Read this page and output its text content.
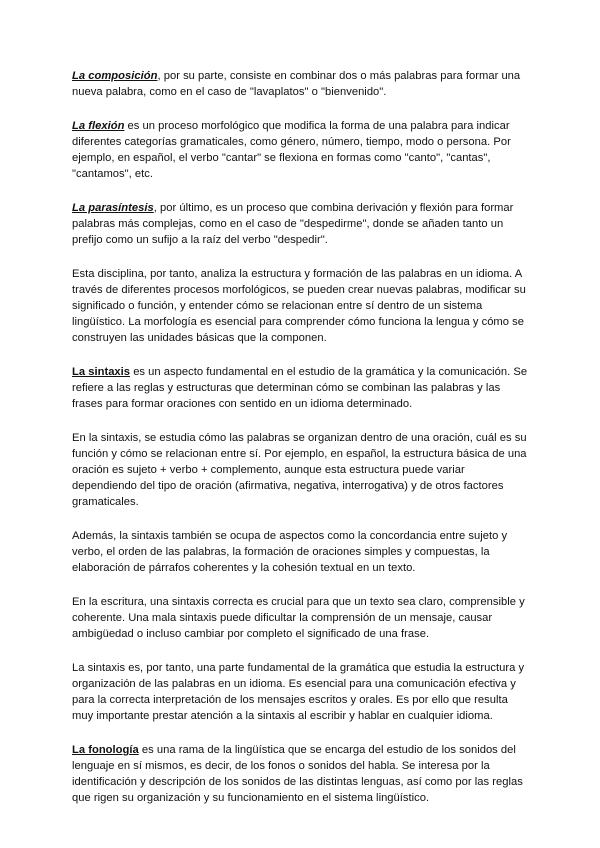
La composición, por su parte, consiste en combinar dos o más palabras para formar una nueva palabra, como en el caso de "lavaplatos" o "bienvenido".

La flexión es un proceso morfológico que modifica la forma de una palabra para indicar diferentes categorías gramaticales, como género, número, tiempo, modo o persona. Por ejemplo, en español, el verbo "cantar" se flexiona en formas como "canto", "cantas", "cantamos", etc.

La parasíntesis, por último, es un proceso que combina derivación y flexión para formar palabras más complejas, como en el caso de "despedirme", donde se añaden tanto un prefijo como un sufijo a la raíz del verbo "despedir".

Esta disciplina, por tanto, analiza la estructura y formación de las palabras en un idioma. A través de diferentes procesos morfológicos, se pueden crear nuevas palabras, modificar su significado o función, y entender cómo se relacionan entre sí dentro de un sistema lingüístico. La morfología es esencial para comprender cómo funciona la lengua y cómo se construyen las unidades básicas que la componen.

La sintaxis es un aspecto fundamental en el estudio de la gramática y la comunicación. Se refiere a las reglas y estructuras que determinan cómo se combinan las palabras y las frases para formar oraciones con sentido en un idioma determinado.

En la sintaxis, se estudia cómo las palabras se organizan dentro de una oración, cuál es su función y cómo se relacionan entre sí. Por ejemplo, en español, la estructura básica de una oración es sujeto + verbo + complemento, aunque esta estructura puede variar dependiendo del tipo de oración (afirmativa, negativa, interrogativa) y de otros factores gramaticales.

Además, la sintaxis también se ocupa de aspectos como la concordancia entre sujeto y verbo, el orden de las palabras, la formación de oraciones simples y compuestas, la elaboración de párrafos coherentes y la cohesión textual en un texto.

En la escritura, una sintaxis correcta es crucial para que un texto sea claro, comprensible y coherente. Una mala sintaxis puede dificultar la comprensión de un mensaje, causar ambigüedad o incluso cambiar por completo el significado de una frase.

La sintaxis es, por tanto, una parte fundamental de la gramática que estudia la estructura y organización de las palabras en un idioma. Es esencial para una comunicación efectiva y para la correcta interpretación de los mensajes escritos y orales. Es por ello que resulta muy importante prestar atención a la sintaxis al escribir y hablar en cualquier idioma.

La fonología es una rama de la lingüística que se encarga del estudio de los sonidos del lenguaje en sí mismos, es decir, de los fonos o sonidos del habla. Se interesa por la identificación y descripción de los sonidos de las distintas lenguas, así como por las reglas que rigen su organización y su funcionamiento en el sistema lingüístico.
